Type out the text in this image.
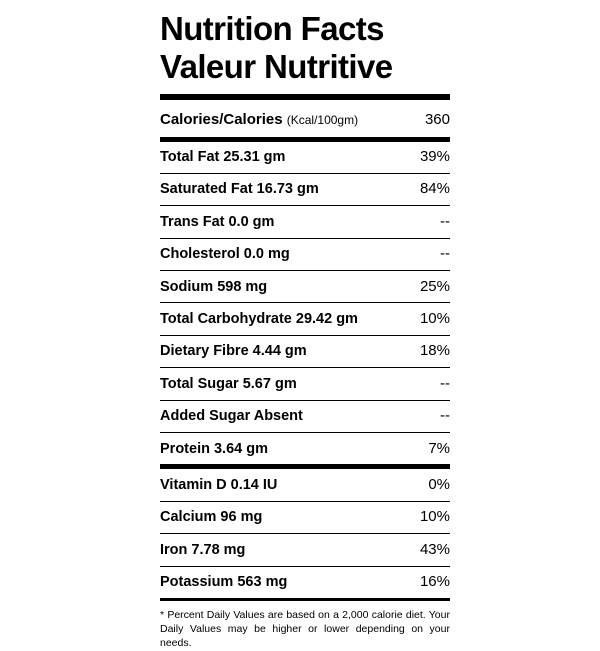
Nutrition Facts
Valeur Nutritive
Calories/Calories (Kcal/100gm)	360
Total Fat 25.31 gm	39%
Saturated Fat 16.73 gm	84%
Trans Fat 0.0 gm	--
Cholesterol 0.0 mg	--
Sodium 598 mg	25%
Total Carbohydrate 29.42 gm	10%
Dietary Fibre 4.44 gm	18%
Total Sugar 5.67 gm	--
Added Sugar Absent	--
Protein 3.64 gm	7%
Vitamin D 0.14 IU	0%
Calcium 96 mg	10%
Iron 7.78 mg	43%
Potassium 563 mg	16%
* Percent Daily Values are based on a 2,000 calorie diet. Your Daily Values may be higher or lower depending on your needs.
